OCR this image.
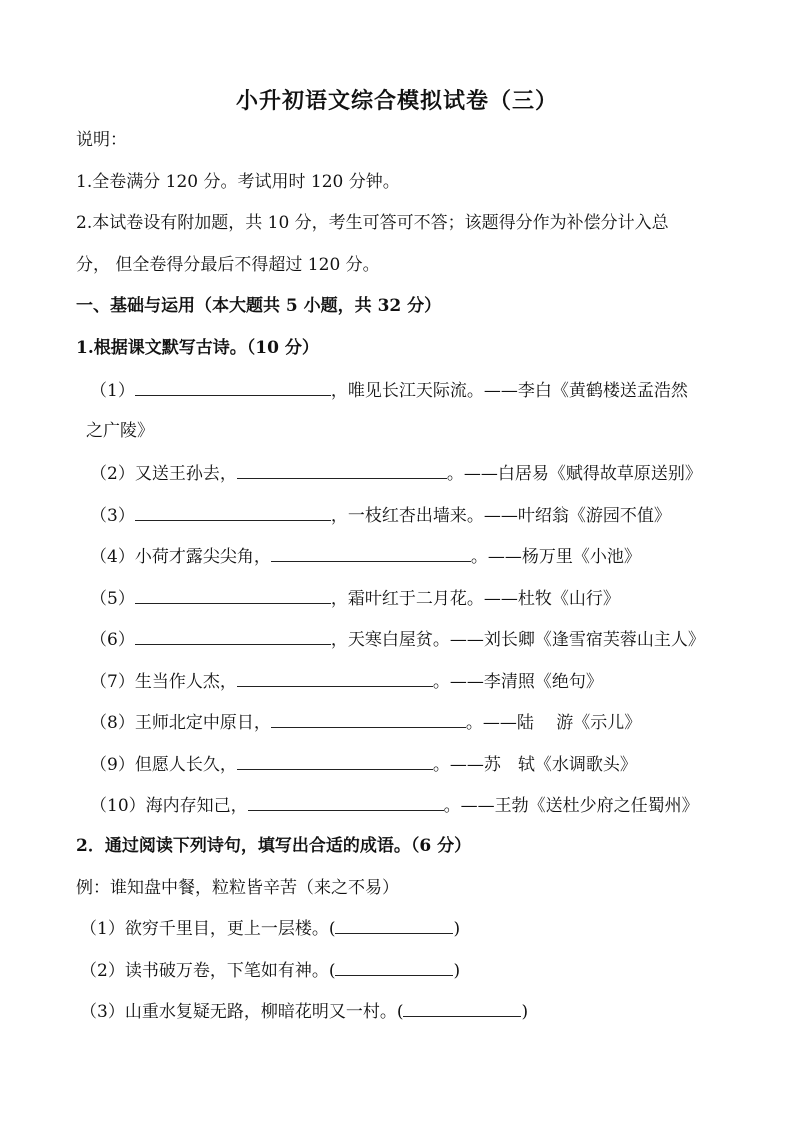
小升初语文综合模拟试卷（三）
说明：
1.全卷满分 120 分。考试用时 120 分钟。
2.本试卷设有附加题，共 10 分，考生可答可不答；该题得分作为补偿分计入总
分， 但全卷得分最后不得超过 120 分。
一、基础与运用（本大题共 5 小题，共 32 分）
1.根据课文默写古诗。（10 分）
（1）	，唯见长江天际流。——李白《黄鹤楼送孟浩然
之广陵》
（2）又送王孙去，	。——白居易《赋得故草原送别》
（3）	，一枝红杏出墙来。——叶绍翁《游园不值》
（4）小荷才露尖尖角，	。——杨万里《小池》
（5）	，霜叶红于二月花。——杜牧《山行》
（6）	，天寒白屋贫。——刘长卿《逢雪宿芙蓉山主人》
（7）生当作人杰，	。——李清照《绝句》
（8）王师北定中原日，	。——陆　 游《示儿》
（9）但愿人长久，	。——苏　轼《水调歌头》
（10）海内存知己，	。——王勃《送杜少府之任蜀州》
2．通过阅读下列诗句，填写出合适的成语。（6 分）
例：谁知盘中餐，粒粒皆辛苦（来之不易）
（1）欲穷千里目，更上一层楼。(	)
（2）读书破万卷，下笔如有神。(	)
（3）山重水复疑无路，柳暗花明又一村。(	)
